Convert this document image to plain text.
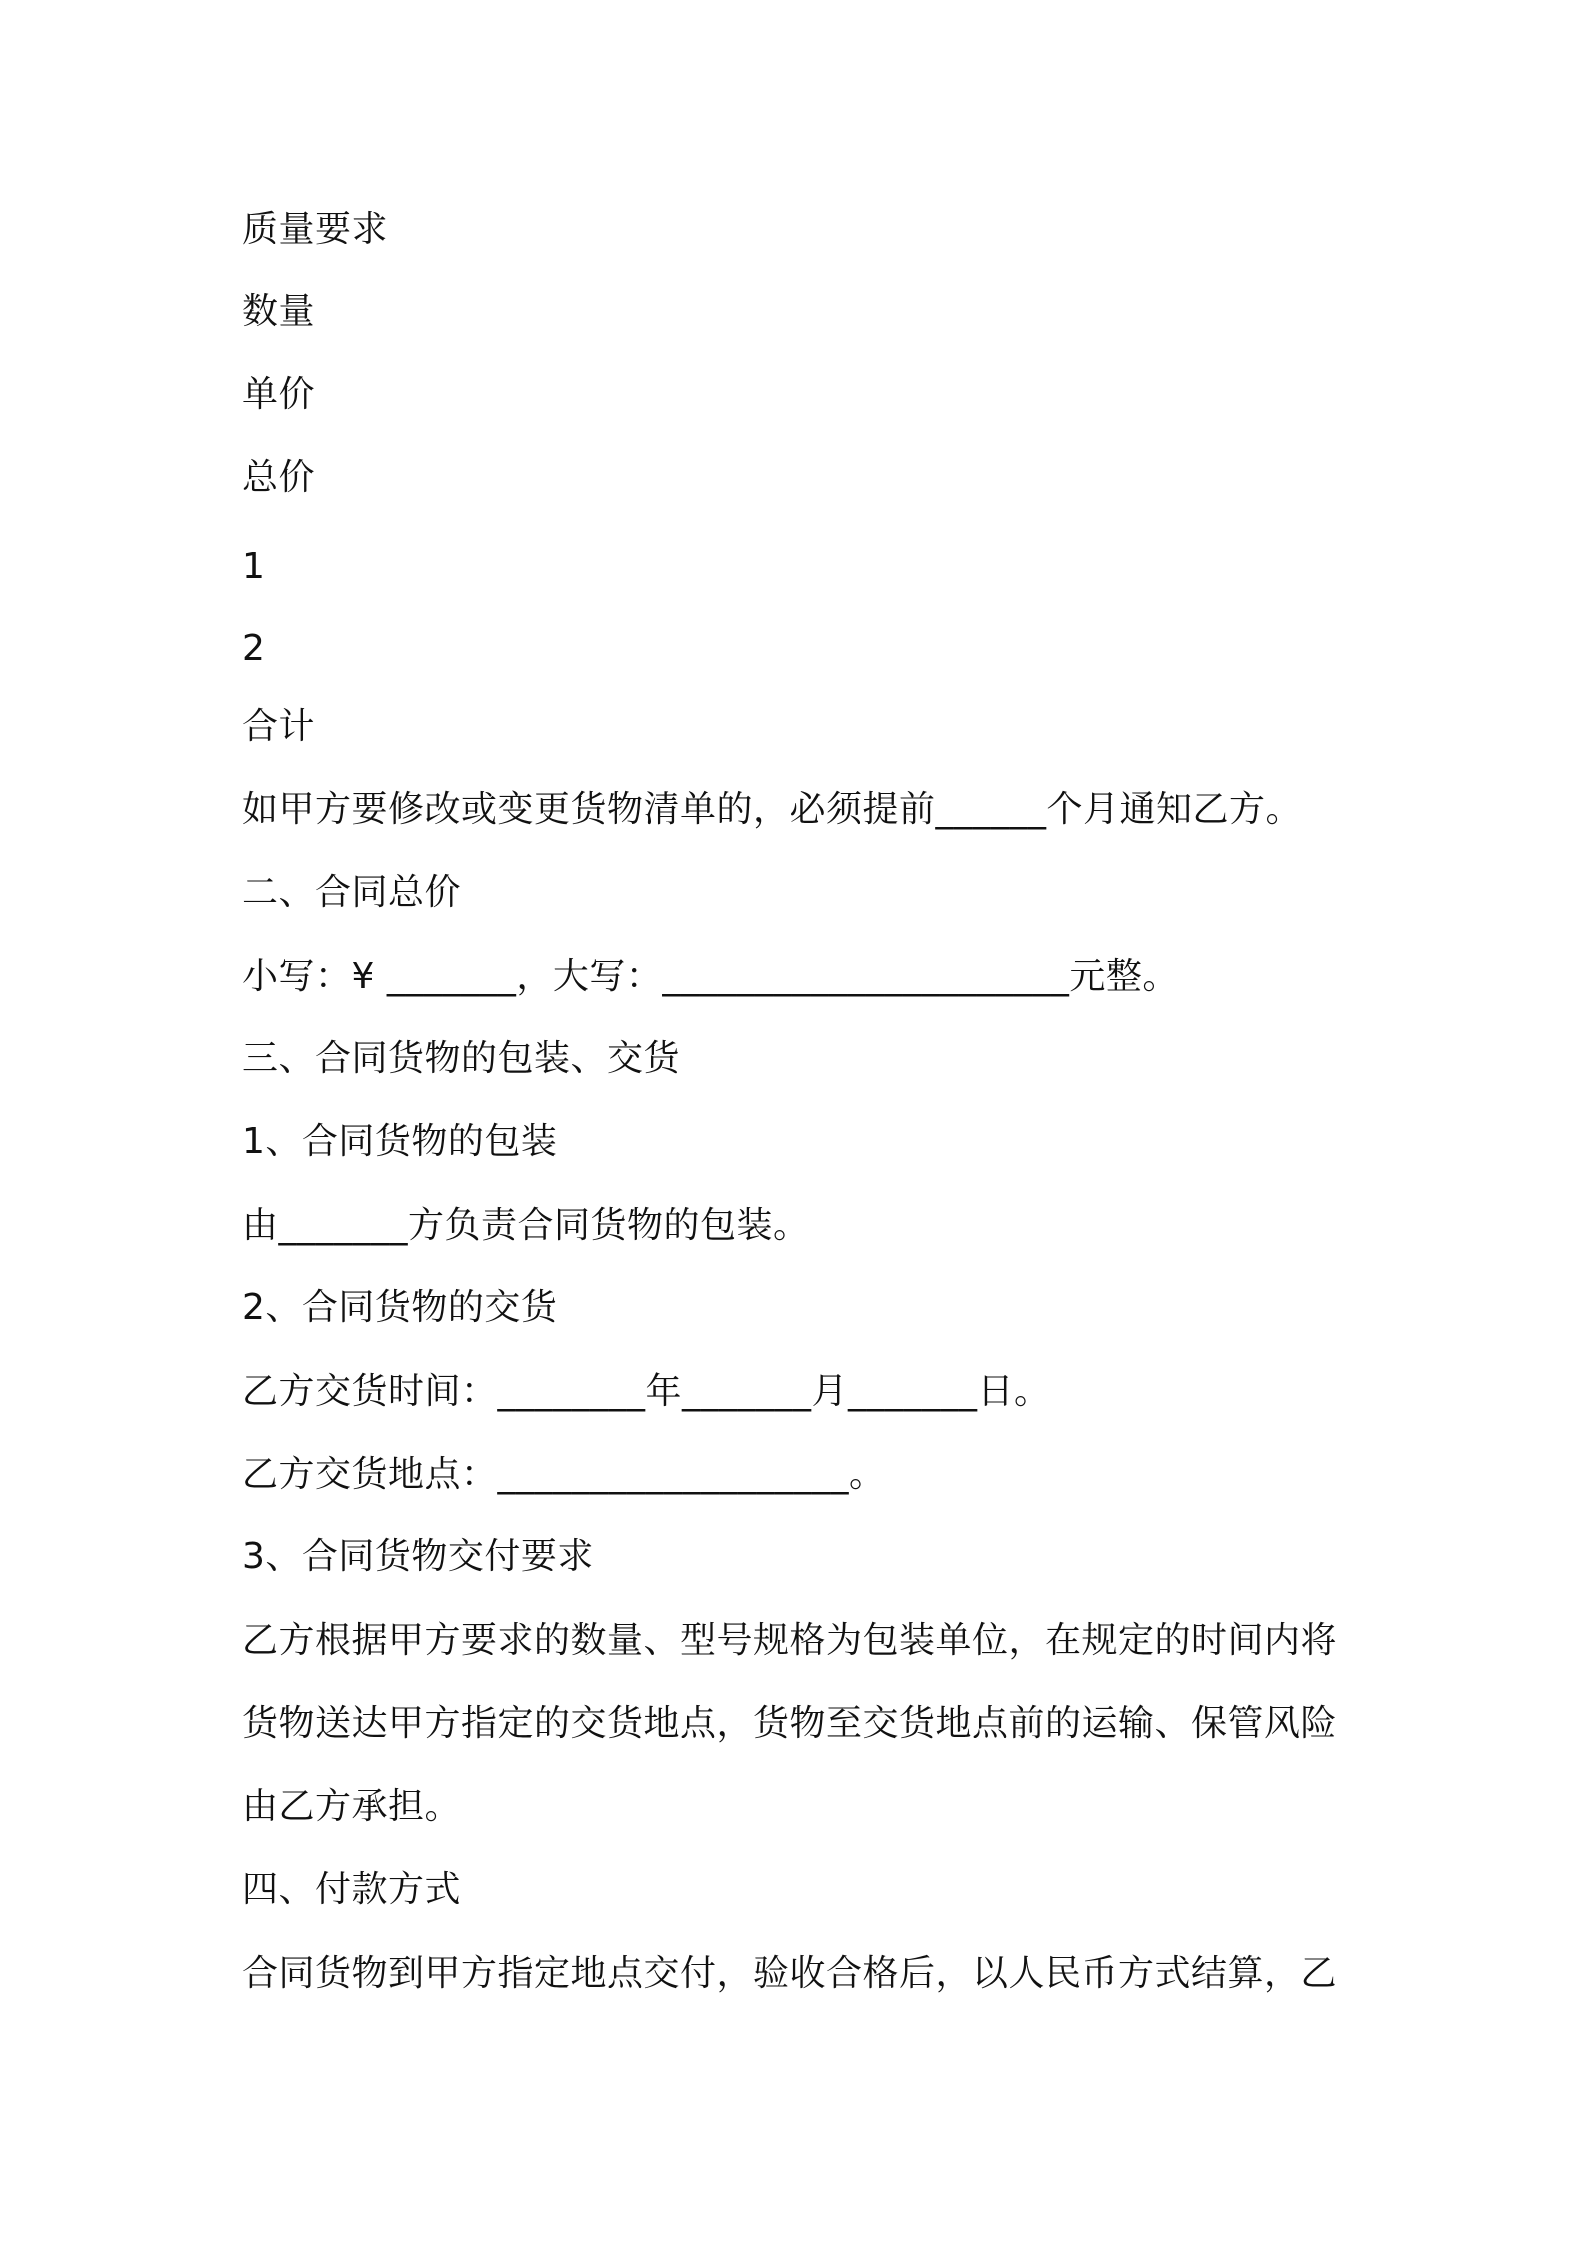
质量要求
数量
单价
总价
1
2
合计
如甲方要修改或变更货物清单的，必须提前______个月通知乙方。
二、合同总价
小写：¥ _______，大写：______________________元整。
三、合同货物的包装、交货
1、合同货物的包装
由_______方负责合同货物的包装。
2、合同货物的交货
乙方交货时间：________年_______月_______日。
乙方交货地点：___________________。
3、合同货物交付要求
乙方根据甲方要求的数量、型号规格为包装单位，在规定的时间内将
货物送达甲方指定的交货地点，货物至交货地点前的运输、保管风险
由乙方承担。
四、付款方式
合同货物到甲方指定地点交付，验收合格后，以人民币方式结算，乙
